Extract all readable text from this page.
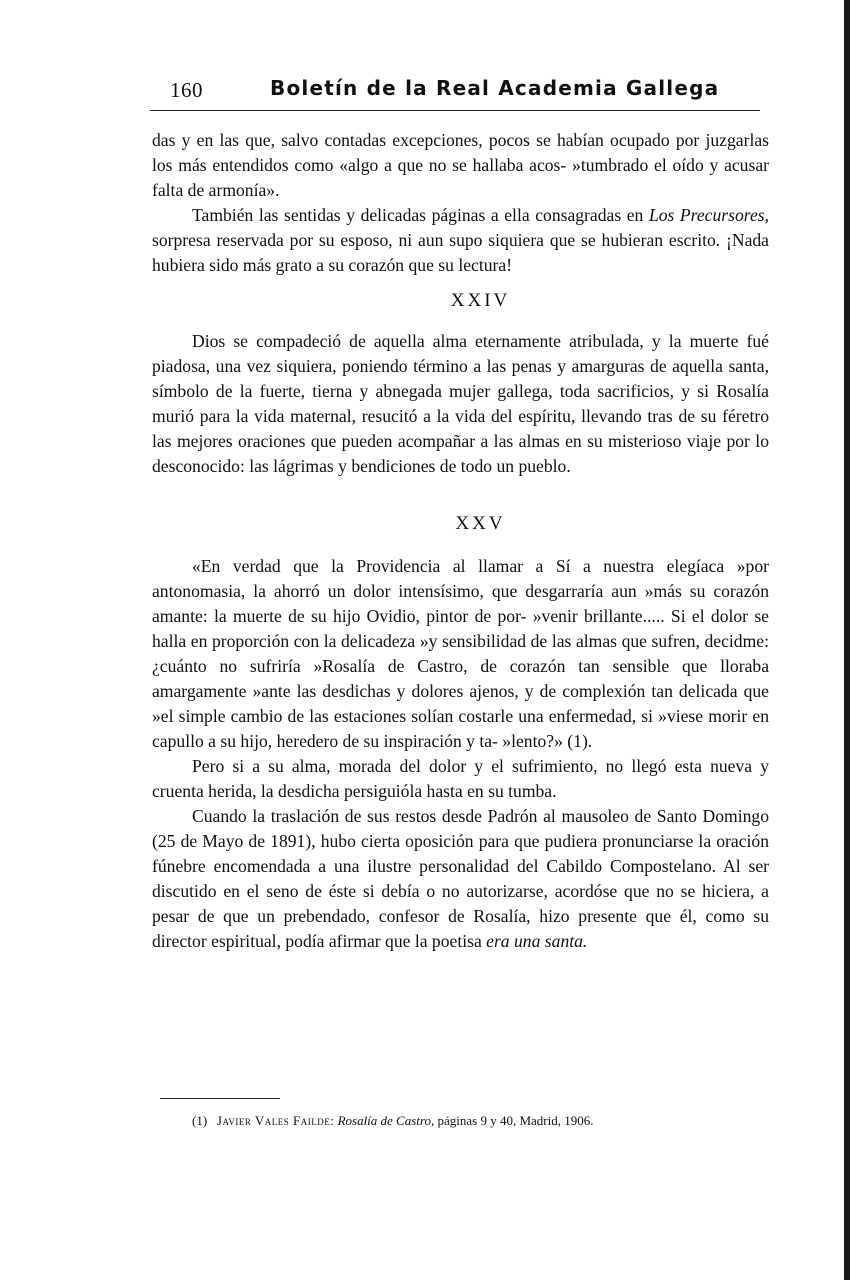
160	Boletín de la Real Academia Gallega

das y en las que, salvo contadas excepciones, pocos se habían ocupado por juzgarlas los más entendidos como «algo a que no se hallaba acos- »tumbrado el oído y acusar falta de armonía».

También las sentidas y delicadas páginas a ella consagradas en Los Precursores, sorpresa reservada por su esposo, ni aun supo siquiera que se hubieran escrito. ¡Nada hubiera sido más grato a su corazón que su lectura!

XXIV

Dios se compadeció de aquella alma eternamente atribulada, y la muerte fué piadosa, una vez siquiera, poniendo término a las penas y amarguras de aquella santa, símbolo de la fuerte, tierna y abnegada mujer gallega, toda sacrificios, y si Rosalía murió para la vida maternal, resucitó a la vida del espíritu, llevando tras de su féretro las mejores oraciones que pueden acompañar a las almas en su misterioso viaje por lo desconocido: las lágrimas y bendiciones de todo un pueblo.

XXV

«En verdad que la Providencia al llamar a Sí a nuestra elegíaca »por antonomasia, la ahorró un dolor intensísimo, que desgarraría aun »más su corazón amante: la muerte de su hijo Ovidio, pintor de por- »venir brillante..... Si el dolor se halla en proporción con la delicadeza »y sensibilidad de las almas que sufren, decidme: ¿cuánto no sufriría »Rosalía de Castro, de corazón tan sensible que lloraba amargamente »ante las desdichas y dolores ajenos, y de complexión tan delicada que »el simple cambio de las estaciones solían costarle una enfermedad, si »viese morir en capullo a su hijo, heredero de su inspiración y ta- »lento?» (1).

Pero si a su alma, morada del dolor y el sufrimiento, no llegó esta nueva y cruenta herida, la desdicha persiguióla hasta en su tumba.

Cuando la traslación de sus restos desde Padrón al mausoleo de Santo Domingo (25 de Mayo de 1891), hubo cierta oposición para que pudiera pronunciarse la oración fúnebre encomendada a una ilustre personalidad del Cabildo Compostelano. Al ser discutido en el seno de éste si debía o no autorizarse, acordóse que no se hiciera, a pesar de que un prebendado, confesor de Rosalía, hizo presente que él, como su director espiritual, podía afirmar que la poetisa era una santa.

(1) Javier Vales Failde: Rosalía de Castro, páginas 9 y 40, Madrid, 1906.
